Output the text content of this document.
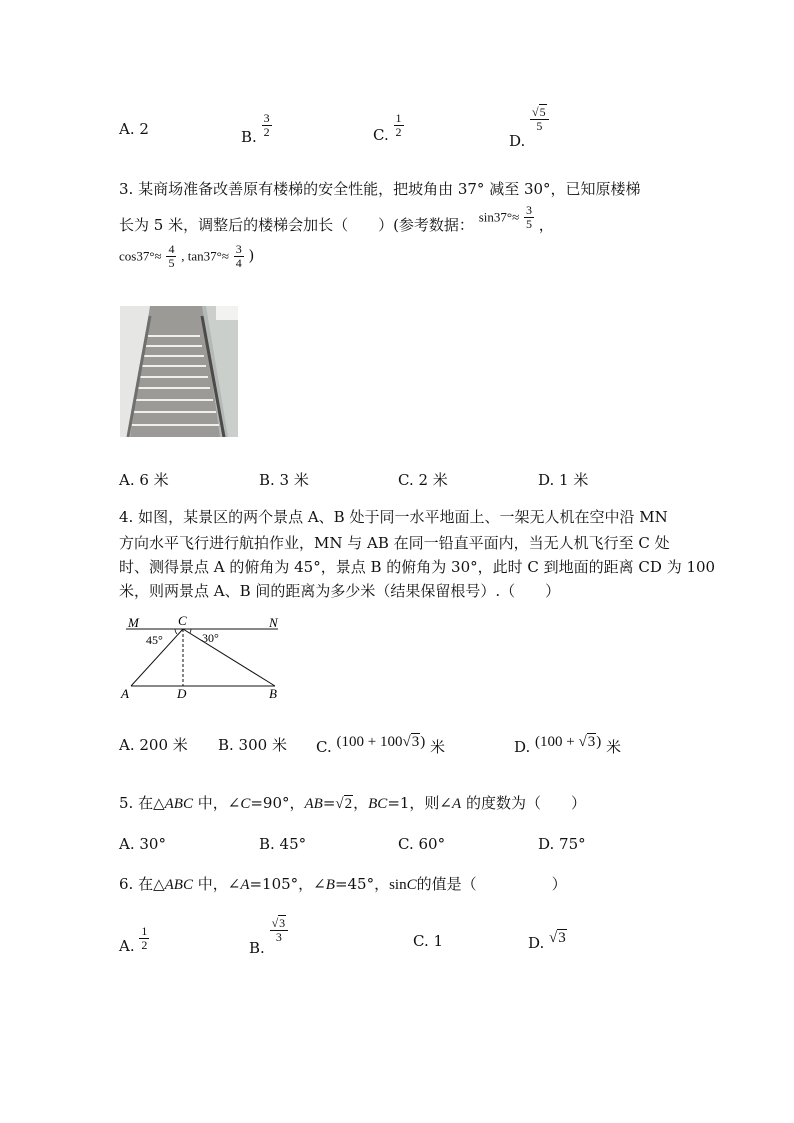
A. 2	B. $\frac{3}{2}$	C. $\frac{1}{2}$
D.
$\frac{√5}{5}$
3. 某商场准备改善原有楼梯的安全性能，把坡角由 37° 减至 30°，已知原楼梯
长为 5 米，调整后的楼梯会加长（　　）(参考数据： $\sin 37^\circ\approx \frac{3}{5}$ ，
$\cos 37^\circ\approx \frac{4}{5}$ , $\tan 37^\circ\approx \frac{3}{4}$ )
A. 6 米	B. 3 米	C. 2 米	D. 1 米
4. 如图，某景区的两个景点 A、B 处于同一水平地面上、一架无人机在空中沿 MN
方向水平飞行进行航拍作业，MN 与 AB 在同一铅直平面内，当无人机飞行至 C 处
时、测得景点 A 的俯角为 45°，景点 B 的俯角为 30°，此时 C 到地面的距离 CD 为 100
米，则两景点 A、B 间的距离为多少米（结果保留根号）.（　　）
M	C	N
45°	30°
A	D	B
A. 200 米 B. 300 米 C. (100 + 100√3) 米	D. (100 + √3) 米
5. 在△ABC 中，∠C=90°，AB=√2，BC=1，则∠A 的度数为（　　）
A. 30°	B. 45°	C. 60°	D. 75°
6. 在△ABC 中，∠A=105°，∠B=45°，sinC的值是（　　　　　）
A. $\frac{1}{2}$	B.
$\frac{√3}{3}$	C. 1	D. √3
